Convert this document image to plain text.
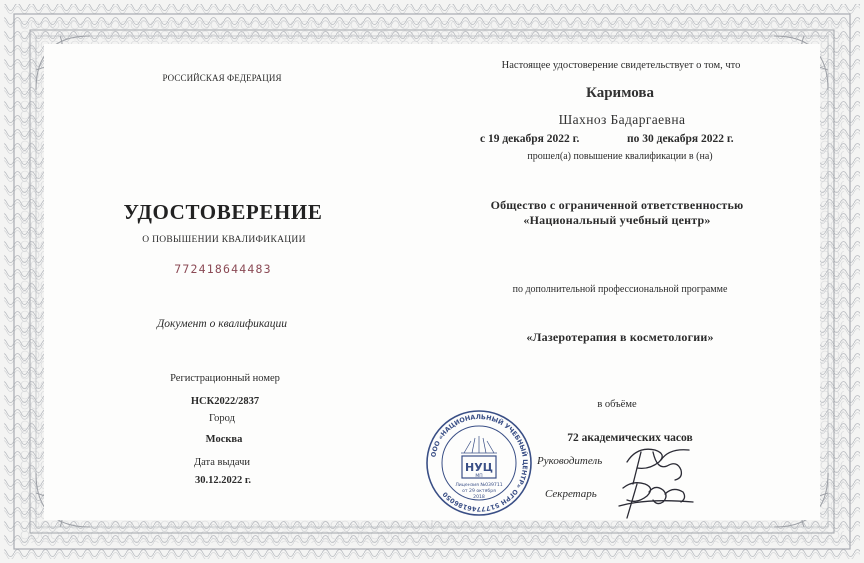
РОССИЙСКАЯ ФЕДЕРАЦИЯ
УДОСТОВЕРЕНИЕ
О ПОВЫШЕНИИ КВАЛИФИКАЦИИ
772418644483
Документ о квалификации
Регистрационный номер
НСК2022/2837
Город
Москва
Дата выдачи
30.12.2022 г.
Настоящее удостоверение свидетельствует о том, что
Каримова
Шахноз Бадаргаевна
с 19 декабря 2022 г.	по 30 декабря 2022 г.
прошел(а) повышение квалификации в (на)
Общество с ограниченной ответственностью
«Национальный учебный центр»
по дополнительной профессиональной программе
«Лазеротерапия в косметологии»
в объёме
72 академических часов
Руководитель
Секретарь
ООО «НАЦИОНАЛЬНЫЙ УЧЕБНЫЙ ЦЕНТР» ОГРН 5177746186050
НУЦ
МП
Лицензия №039711
от 29 октября
2018
